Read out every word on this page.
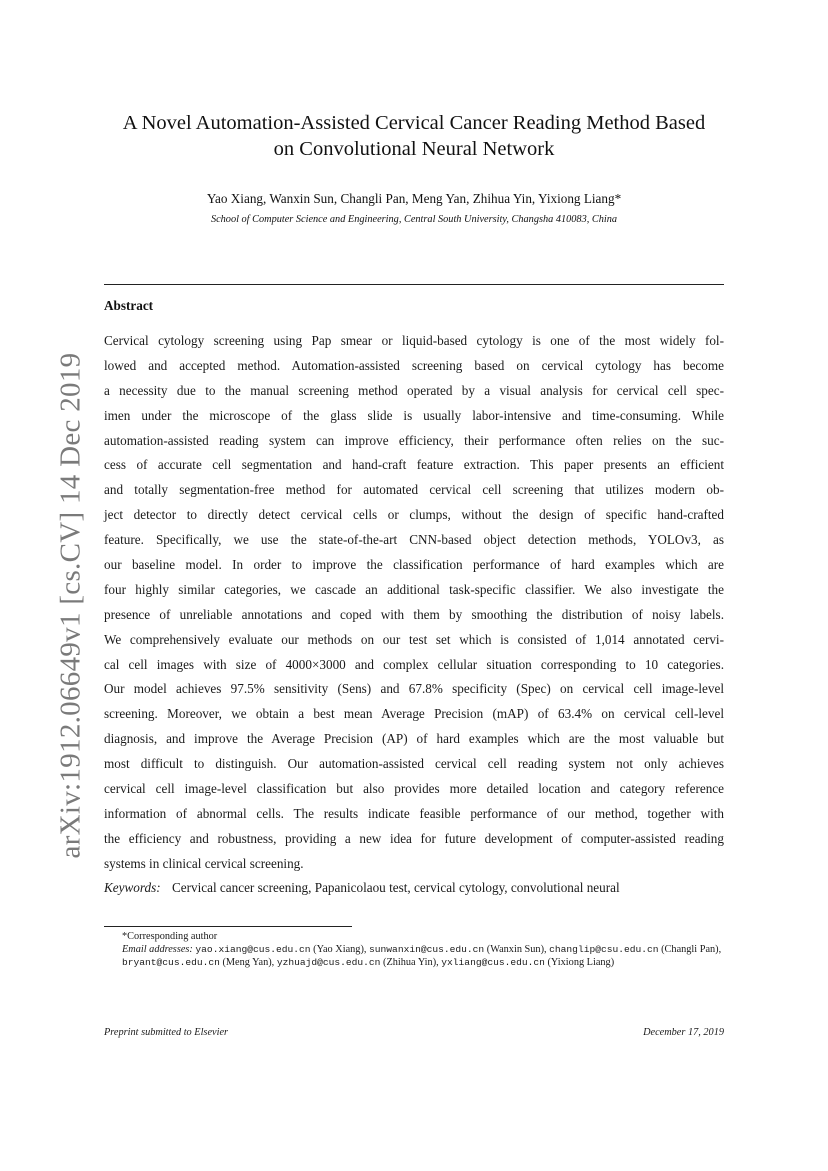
arXiv:1912.06649v1 [cs.CV] 14 Dec 2019
A Novel Automation-Assisted Cervical Cancer Reading Method Based
on Convolutional Neural Network
Yao Xiang, Wanxin Sun, Changli Pan, Meng Yan, Zhihua Yin, Yixiong Liang*
School of Computer Science and Engineering, Central South University, Changsha 410083, China
Abstract
Cervical cytology screening using Pap smear or liquid-based cytology is one of the most widely fol-
lowed and accepted method. Automation-assisted screening based on cervical cytology has become
a necessity due to the manual screening method operated by a visual analysis for cervical cell spec-
imen under the microscope of the glass slide is usually labor-intensive and time-consuming. While
automation-assisted reading system can improve efficiency, their performance often relies on the suc-
cess of accurate cell segmentation and hand-craft feature extraction. This paper presents an efficient
and totally segmentation-free method for automated cervical cell screening that utilizes modern ob-
ject detector to directly detect cervical cells or clumps, without the design of specific hand-crafted
feature. Specifically, we use the state-of-the-art CNN-based object detection methods, YOLOv3, as
our baseline model. In order to improve the classification performance of hard examples which are
four highly similar categories, we cascade an additional task-specific classifier. We also investigate the
presence of unreliable annotations and coped with them by smoothing the distribution of noisy labels.
We comprehensively evaluate our methods on our test set which is consisted of 1,014 annotated cervi-
cal cell images with size of 4000×3000 and complex cellular situation corresponding to 10 categories.
Our model achieves 97.5% sensitivity (Sens) and 67.8% specificity (Spec) on cervical cell image-level
screening. Moreover, we obtain a best mean Average Precision (mAP) of 63.4% on cervical cell-level
diagnosis, and improve the Average Precision (AP) of hard examples which are the most valuable but
most difficult to distinguish. Our automation-assisted cervical cell reading system not only achieves
cervical cell image-level classification but also provides more detailed location and category reference
information of abnormal cells. The results indicate feasible performance of our method, together with
the efficiency and robustness, providing a new idea for future development of computer-assisted reading
systems in clinical cervical screening.
Keywords: Cervical cancer screening, Papanicolaou test, cervical cytology, convolutional neural
*Corresponding author
Email addresses: yao.xiang@cus.edu.cn (Yao Xiang), sunwanxin@cus.edu.cn (Wanxin Sun), changlip@csu.edu.cn (Changli Pan), bryant@cus.edu.cn (Meng Yan), yzhuajd@cus.edu.cn (Zhihua Yin), yxliang@cus.edu.cn (Yixiong Liang)
Preprint submitted to Elsevier	December 17, 2019
